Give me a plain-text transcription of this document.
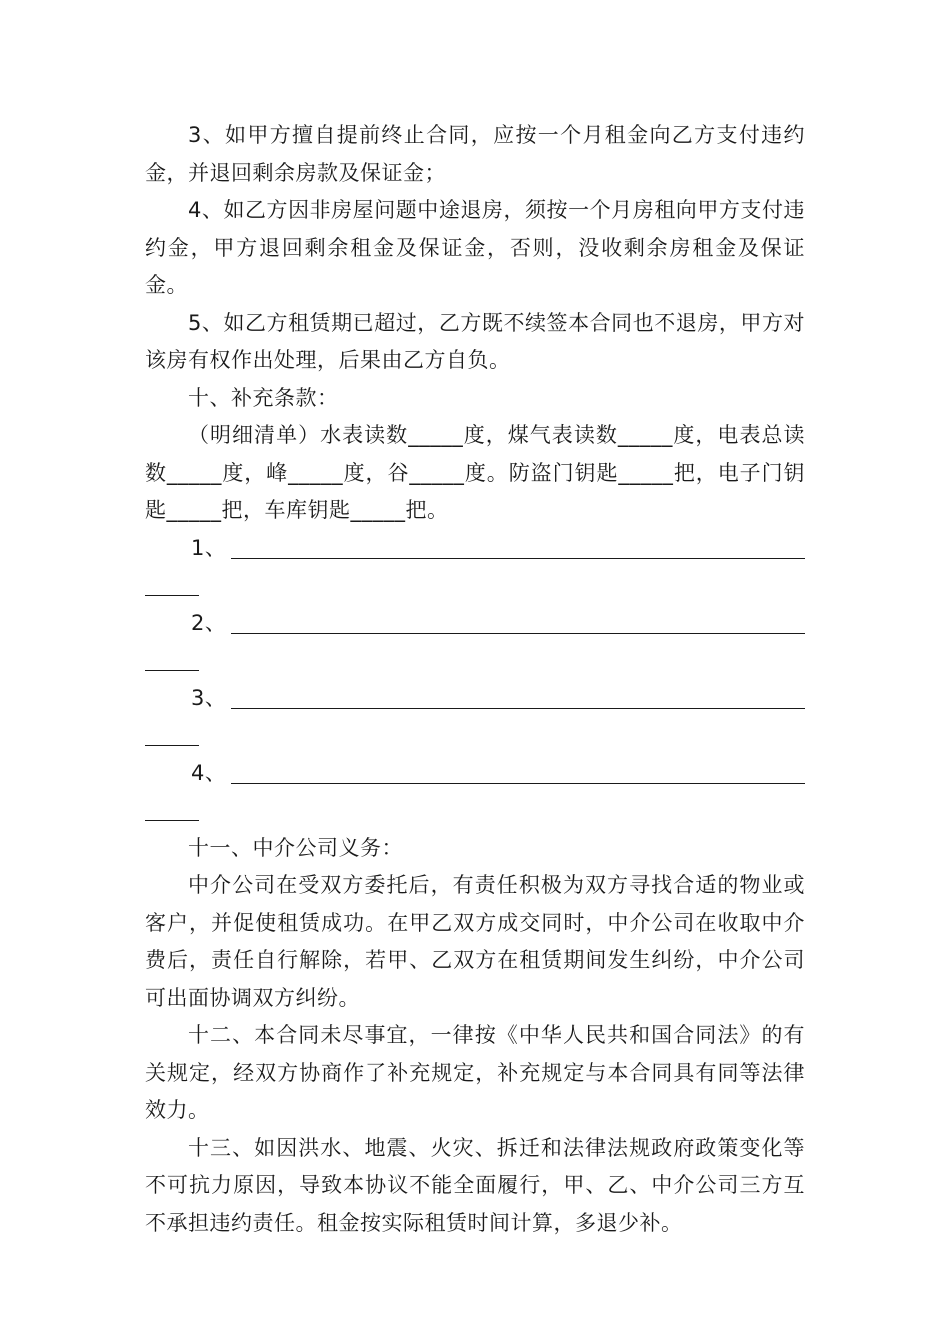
3、如甲方擅自提前终止合同，应按一个月租金向乙方支付违约金，并退回剩余房款及保证金；

4、如乙方因非房屋问题中途退房，须按一个月房租向甲方支付违约金，甲方退回剩余租金及保证金，否则，没收剩余房租金及保证金。

5、如乙方租赁期已超过，乙方既不续签本合同也不退房，甲方对该房有权作出处理，后果由乙方自负。

十、补充条款：

（明细清单）水表读数_____度，煤气表读数_____度，电表总读数_____度，峰_____度，谷_____度。防盗门钥匙_____把，电子门钥匙_____把，车库钥匙_____把。

1、
2、
3、
4、

十一、中介公司义务：

中介公司在受双方委托后，有责任积极为双方寻找合适的物业或客户，并促使租赁成功。在甲乙双方成交同时，中介公司在收取中介费后，责任自行解除，若甲、乙双方在租赁期间发生纠纷，中介公司可出面协调双方纠纷。

十二、本合同未尽事宜，一律按《中华人民共和国合同法》的有关规定，经双方协商作了补充规定，补充规定与本合同具有同等法律效力。

十三、如因洪水、地震、火灾、拆迁和法律法规政府政策变化等不可抗力原因，导致本协议不能全面履行，甲、乙、中介公司三方互不承担违约责任。租金按实际租赁时间计算，多退少补。
